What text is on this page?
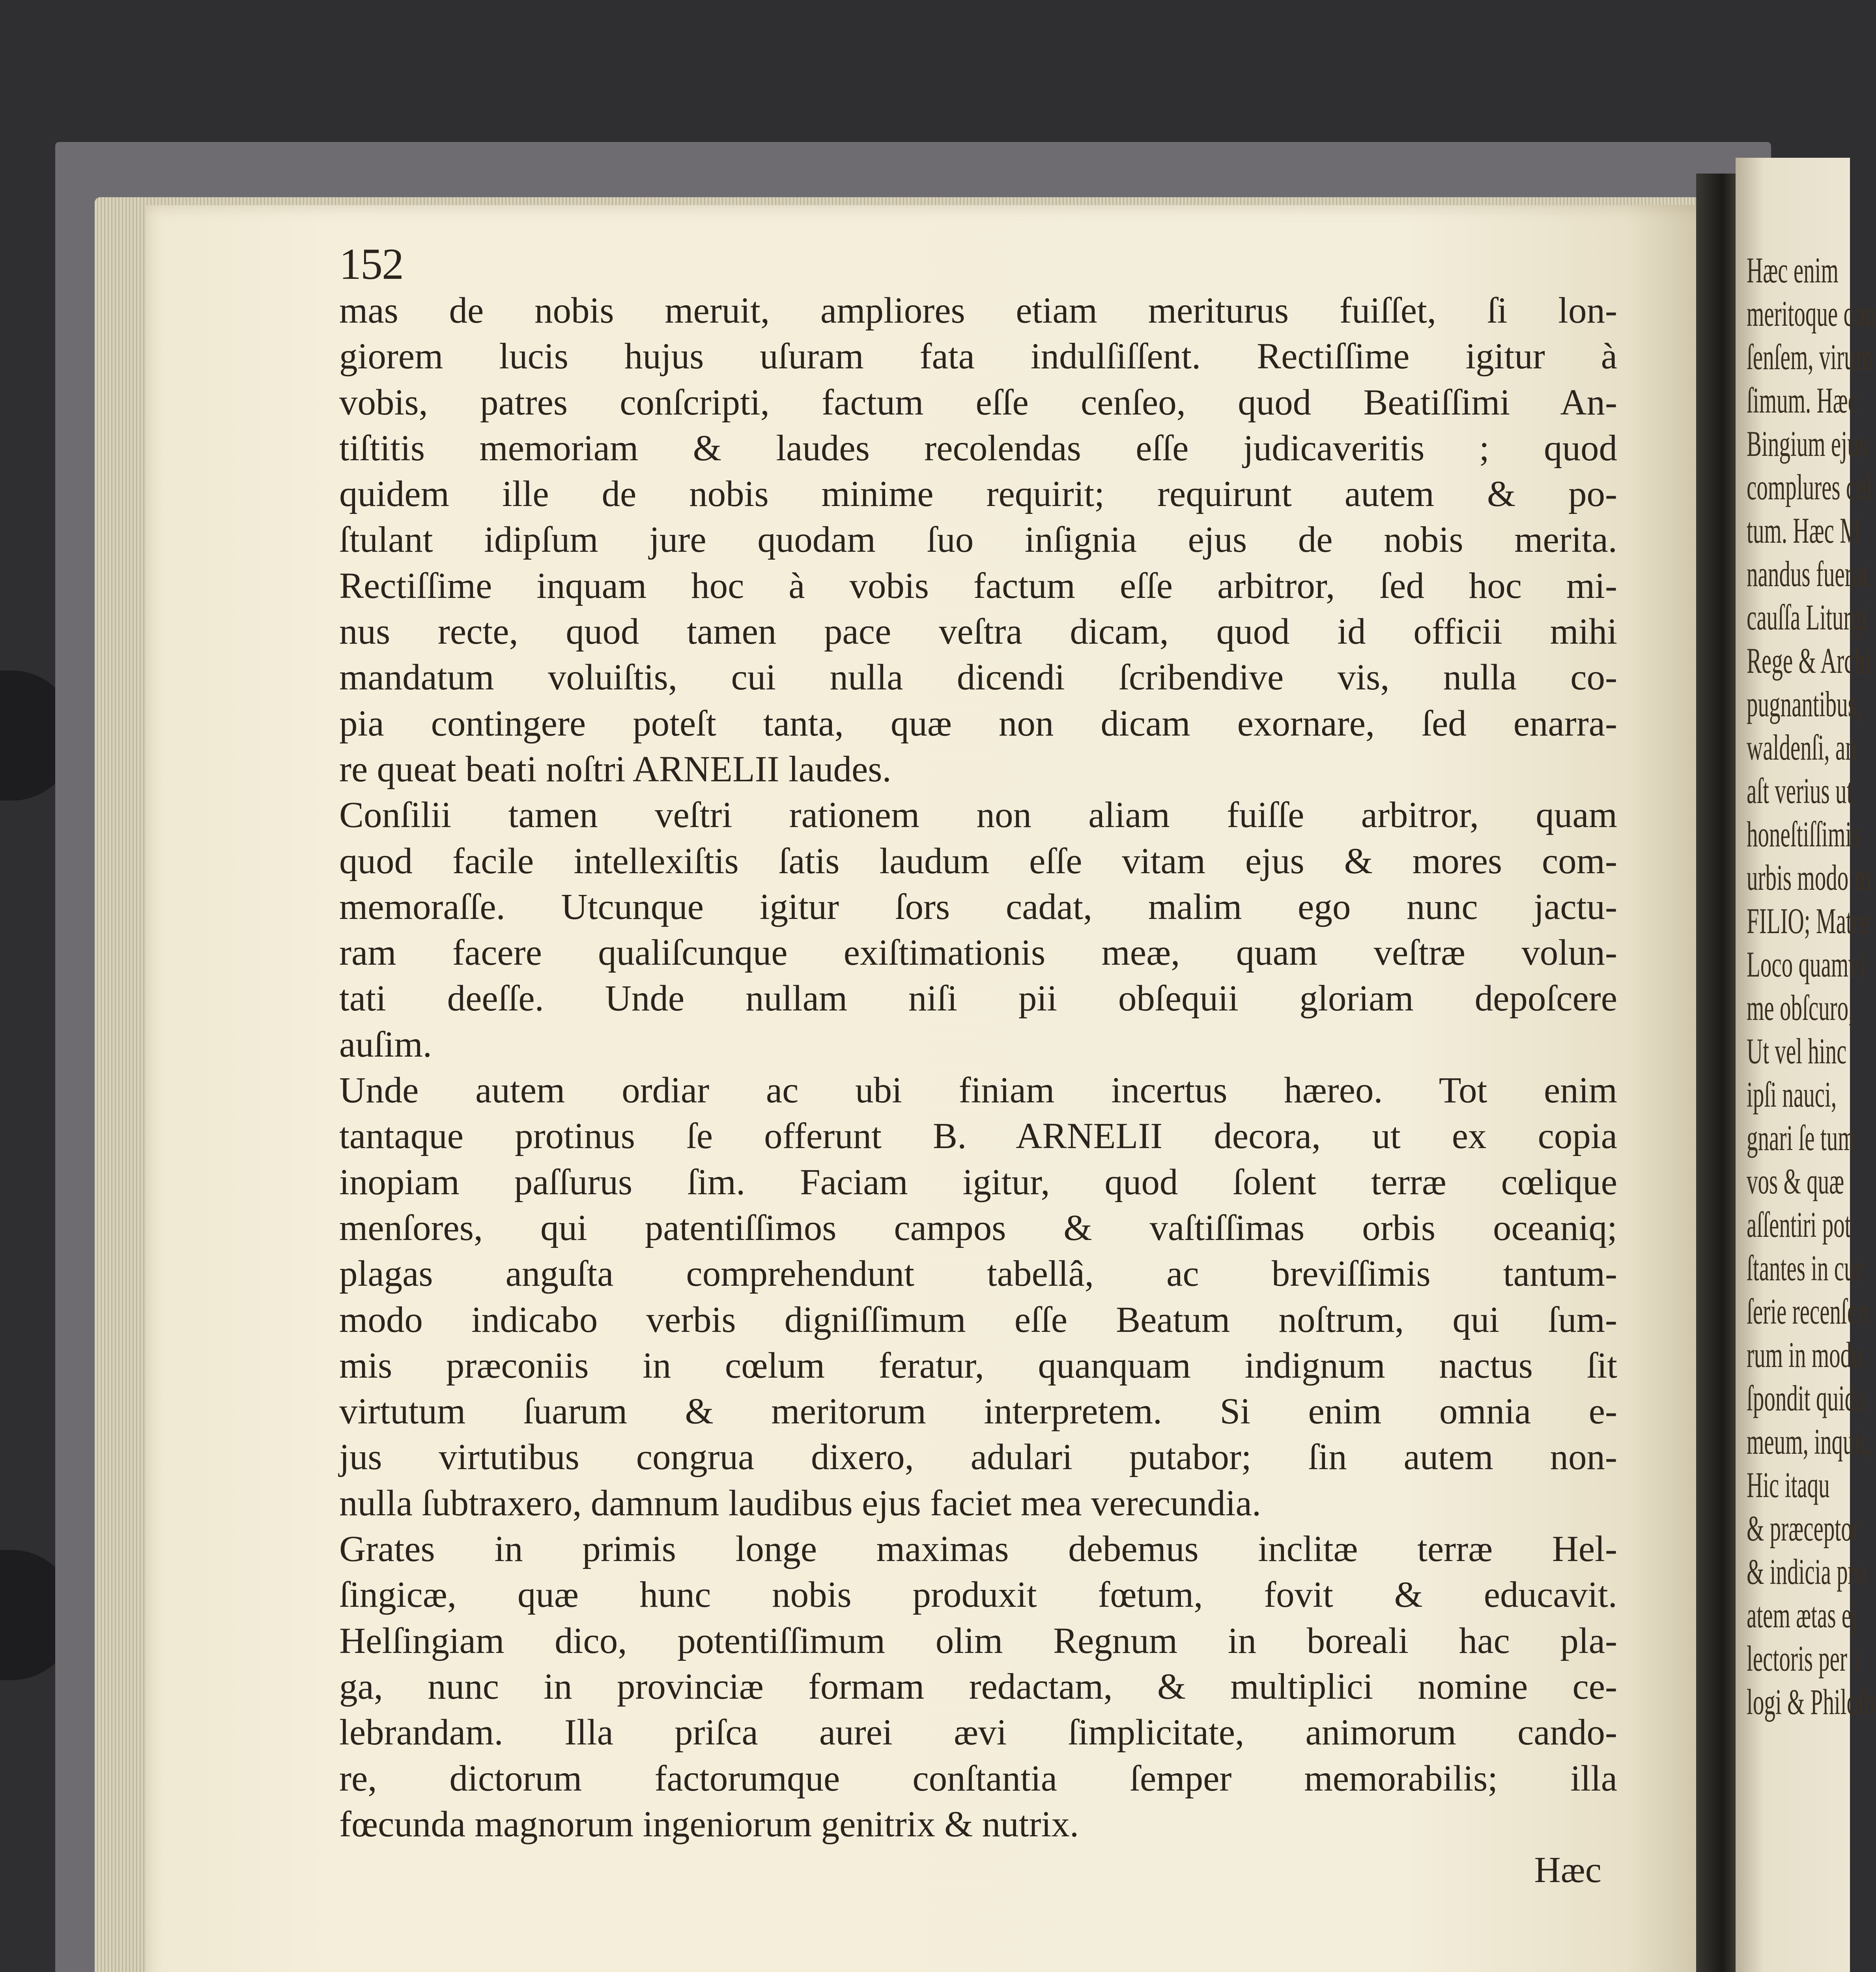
152
mas de nobis meruit, ampliores etiam meriturus fuiſſet, ſi lon-
giorem lucis hujus uſuram fata indulſiſſent. Rectiſſime igitur à
vobis, patres conſcripti, factum eſſe cenſeo, quod Beatiſſimi An-
tiſtitis memoriam & laudes recolendas eſſe judicaveritis ; quod
quidem ille de nobis minime requirit; requirunt autem & po-
ſtulant idipſum jure quodam ſuo inſignia ejus de nobis merita.
Rectiſſime inquam hoc à vobis factum eſſe arbitror, ſed hoc mi-
nus recte, quod tamen pace veſtra dicam, quod id officii mihi
mandatum voluiſtis, cui nulla dicendi ſcribendive vis, nulla co-
pia contingere poteſt tanta, quæ non dicam exornare, ſed enarra-
re queat beati noſtri ARNELII laudes.
Conſilii tamen veſtri rationem non aliam fuiſſe arbitror, quam
quod facile intellexiſtis ſatis laudum eſſe vitam ejus & mores com-
memoraſſe. Utcunque igitur ſors cadat, malim ego nunc jactu-
ram facere qualiſcunque exiſtimationis meæ, quam veſtræ volun-
tati deeſſe. Unde nullam niſi pii obſequii gloriam depoſcere
auſim.
Unde autem ordiar ac ubi finiam incertus hæreo. Tot enim
tantaque protinus ſe offerunt B. ARNELII decora, ut ex copia
inopiam paſſurus ſim. Faciam igitur, quod ſolent terræ cœlique
menſores, qui patentiſſimos campos & vaſtiſſimas orbis oceaniq;
plagas anguſta comprehendunt tabellâ, ac breviſſimis tantum-
modo indicabo verbis digniſſimum eſſe Beatum noſtrum, qui ſum-
mis præconiis in cœlum feratur, quanquam indignum nactus ſit
virtutum ſuarum & meritorum interpretem. Si enim omnia e-
jus virtutibus congrua dixero, adulari putabor; ſin autem non-
nulla ſubtraxero, damnum laudibus ejus faciet mea verecundia.
Grates in primis longe maximas debemus inclitæ terræ Hel-
ſingicæ, quæ hunc nobis produxit fœtum, fovit & educavit.
Helſingiam dico, potentiſſimum olim Regnum in boreali hac pla-
ga, nunc in provinciæ formam redactam, & multiplici nomine ce-
lebrandam. Illa priſca aurei ævi ſimplicitate, animorum cando-
re, dictorum factorumque conſtantia ſemper memorabilis; illa
fœcunda magnorum ingeniorum genitrix & nutrix.
Hæc
Hæc enim
meritoque con
ſenſem, virum
ſimum. Hæc
Bingium ejus
complures cel
tum. Hæc M
nandus fuerat
cauſſa Liturgi
Rege & Archi
pugnantibus,
waldenſi, an
aſt verius ut
honeſtiſſimis
urbis modo m
FILIO; Matre
Loco quamvi
me obſcuro,
Ut vel hinc
ipſi nauci,
gnari ſe tum
vos & quæ
aſſentiri pot
ſtantes in cur
ſerie recenſen
rum in modu
ſpondit quida
meum, inquit,
Hic itaqu
& præceptor
& indicia pro
atem ætas ej
lectoris per i
logi & Philoſo
